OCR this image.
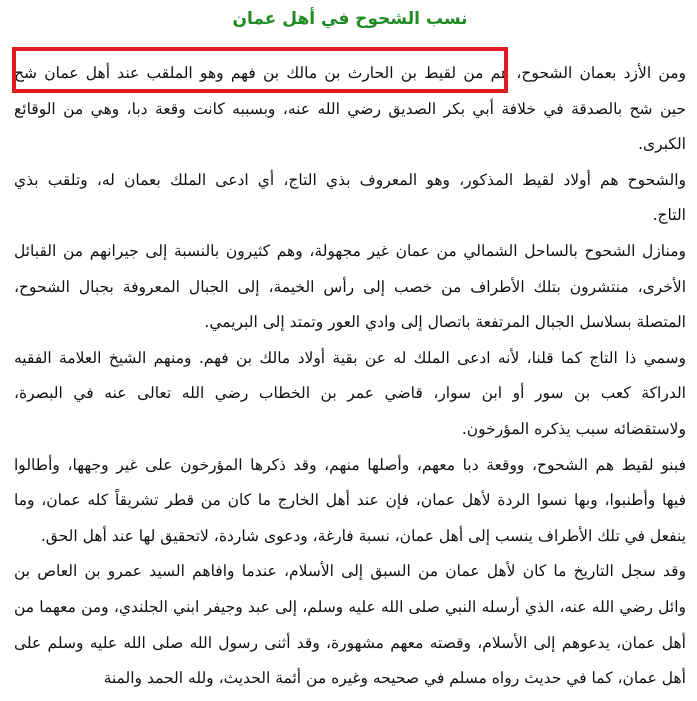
نسب الشحوح في أهل عمان
ومن الأزد بعمان الشحوح، هم من لقيط بن الحارث بن مالك بن فهم وهو الملقب عند أهل عمان شح
حين شح بالصدقة في خلافة أبي بكر الصديق رضي الله عنه، وبسببه كانت وقعة دبا، وهي من الوقائع
الكبرى.
والشحوح هم أولاد لقيط المذكور، وهو المعروف بذي التاج، أي ادعى الملك بعمان له، وتلقب بذي
التاج.
ومنازل الشحوح بالساحل الشمالي من عمان غير مجهولة، وهم كثيرون بالنسبة إلى جيرانهم من القبائل
الأخرى، منتشرون بتلك الأطراف من خصب إلى رأس الخيمة، إلى الجبال المعروفة بجبال الشحوح،
المتصلة بسلاسل الجبال المرتفعة باتصال إلى وادي العور وتمتد إلى البريمي.
وسمي ذا التاج كما قلنا، لأنه ادعى الملك له عن بقية أولاد مالك بن فهم. ومنهم الشيخ العلامة الفقيه
الدراكة كعب بن سور أو ابن سوار، قاضي عمر بن الخطاب رضي الله تعالى عنه في البصرة،
ولاستقضائه سبب يذكره المؤرخون.
فبنو لقيط هم الشحوح، ووقعة دبا معهم، وأصلها منهم، وقد ذكرها المؤرخون على غير وجهها، وأطالوا
فيها وأطنبوا، وبها نسوا الردة لأهل عمان، فإن عند أهل الخارج ما كان من قطر تشريقاً كله عمان، وما
ينفعل في تلك الأطراف ينسب إلى أهل عمان، نسبة فارغة، ودعوى شاردة، لاتحقيق لها عند أهل الحق.
وقد سجل التاريخ ما كان لأهل عمان من السبق إلى الأسلام، عندما وافاهم السيد عمرو بن العاص بن
وائل رضي الله عنه، الذي أرسله النبي صلى الله عليه وسلم، إلى عبد وجيفر ابني الجلندي، ومن معهما من
أهل عمان، يدعوهم إلى الأسلام، وقصته معهم مشهورة، وقد أثنى رسول الله صلى الله عليه وسلم على
أهل عمان، كما في حديث رواه مسلم في صحيحه وغيره من أئمة الحديث، ولله الحمد والمنة
